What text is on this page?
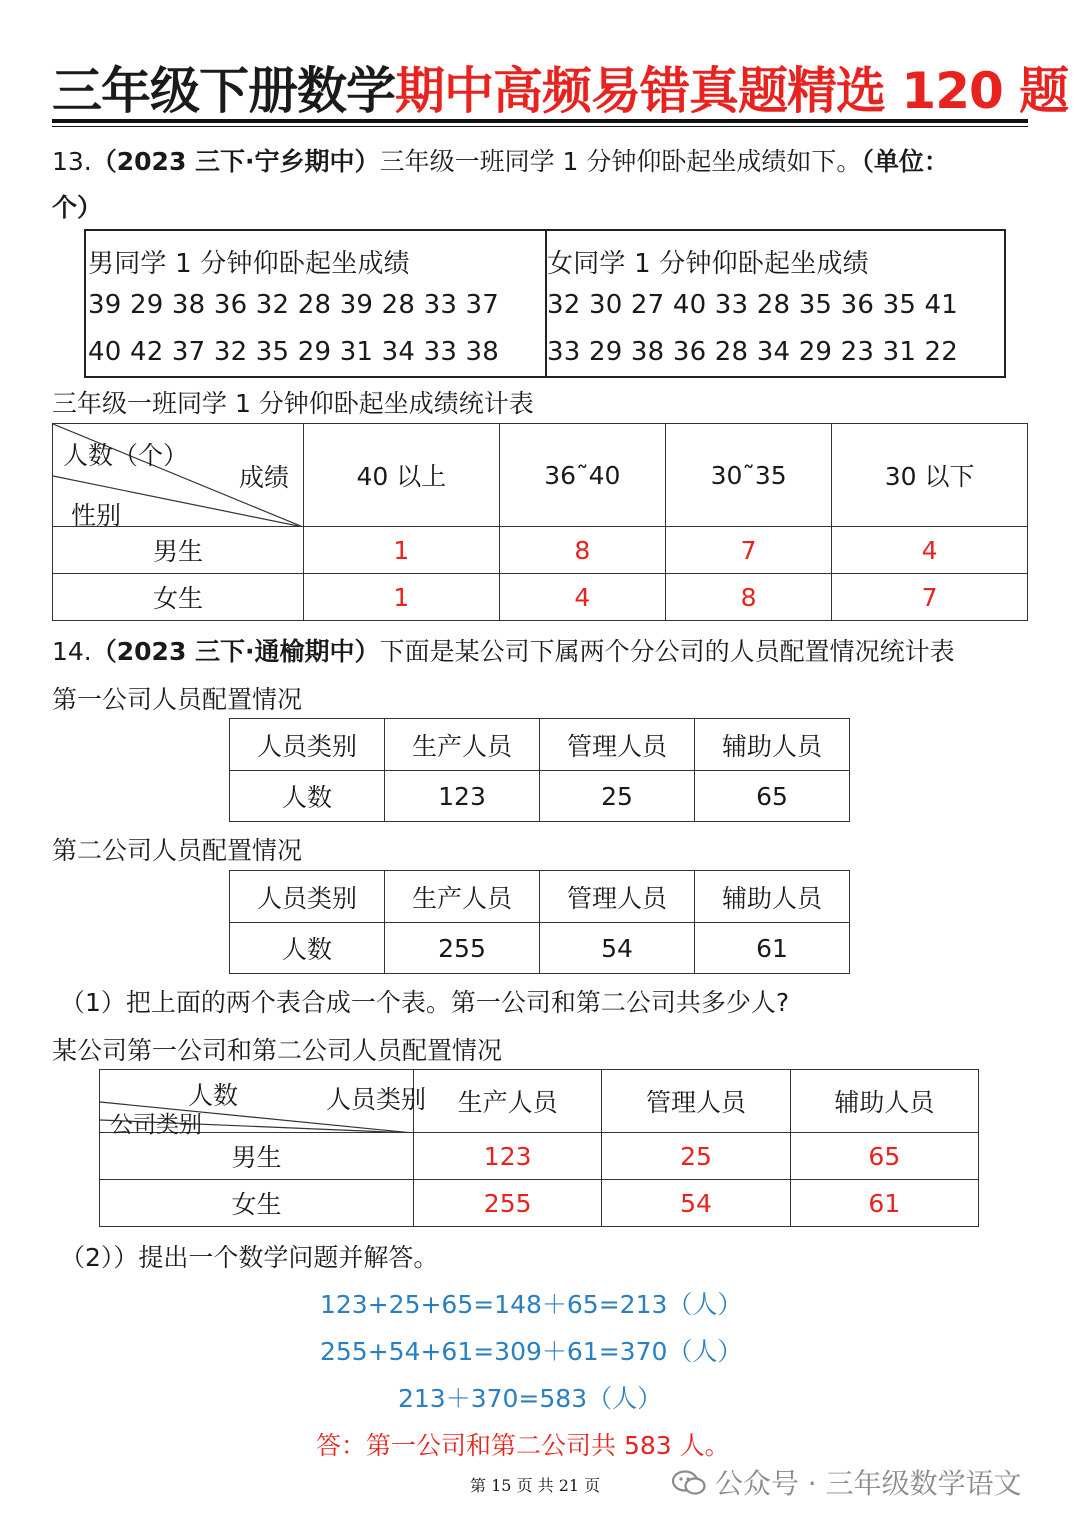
三年级下册数学期中高频易错真题精选 120 题
13.（2023 三下·宁乡期中）三年级一班同学 1 分钟仰卧起坐成绩如下。（单位：
个）
男同学 1 分钟仰卧起坐成绩
39 29 38 36 32 28 39 28 33 37
40 42 37 32 35 29 31 34 33 38
女同学 1 分钟仰卧起坐成绩
32 30 27 40 33 28 35 36 35 41
33 29 38 36 28 34 29 23 31 22
三年级一班同学 1 分钟仰卧起坐成绩统计表
人数（个）
成绩
性别	40 以上	36˜40	30˜35	30 以下
男生	1	8	7	4
女生	1	4	8	7
14.（2023 三下·通榆期中）下面是某公司下属两个分公司的人员配置情况统计表
第一公司人员配置情况
人员类别	生产人员	管理人员	辅助人员
人数	123	25	65
第二公司人员配置情况
人员类别	生产人员	管理人员	辅助人员
人数	255	54	61
（1）把上面的两个表合成一个表。第一公司和第二公司共多少人?
某公司第一公司和第二公司人员配置情况
人数 人员类别
公司类别	生产人员	管理人员	辅助人员
男生	123	25	65
女生	255	54	61
（2））提出一个数学问题并解答。
123+25+65=148＋65=213（人）
255+54+61=309＋61=370（人）
213＋370=583（人）
答：第一公司和第二公司共 583 人。
第 15 页 共 21 页	公众号 · 三年级数学语文
